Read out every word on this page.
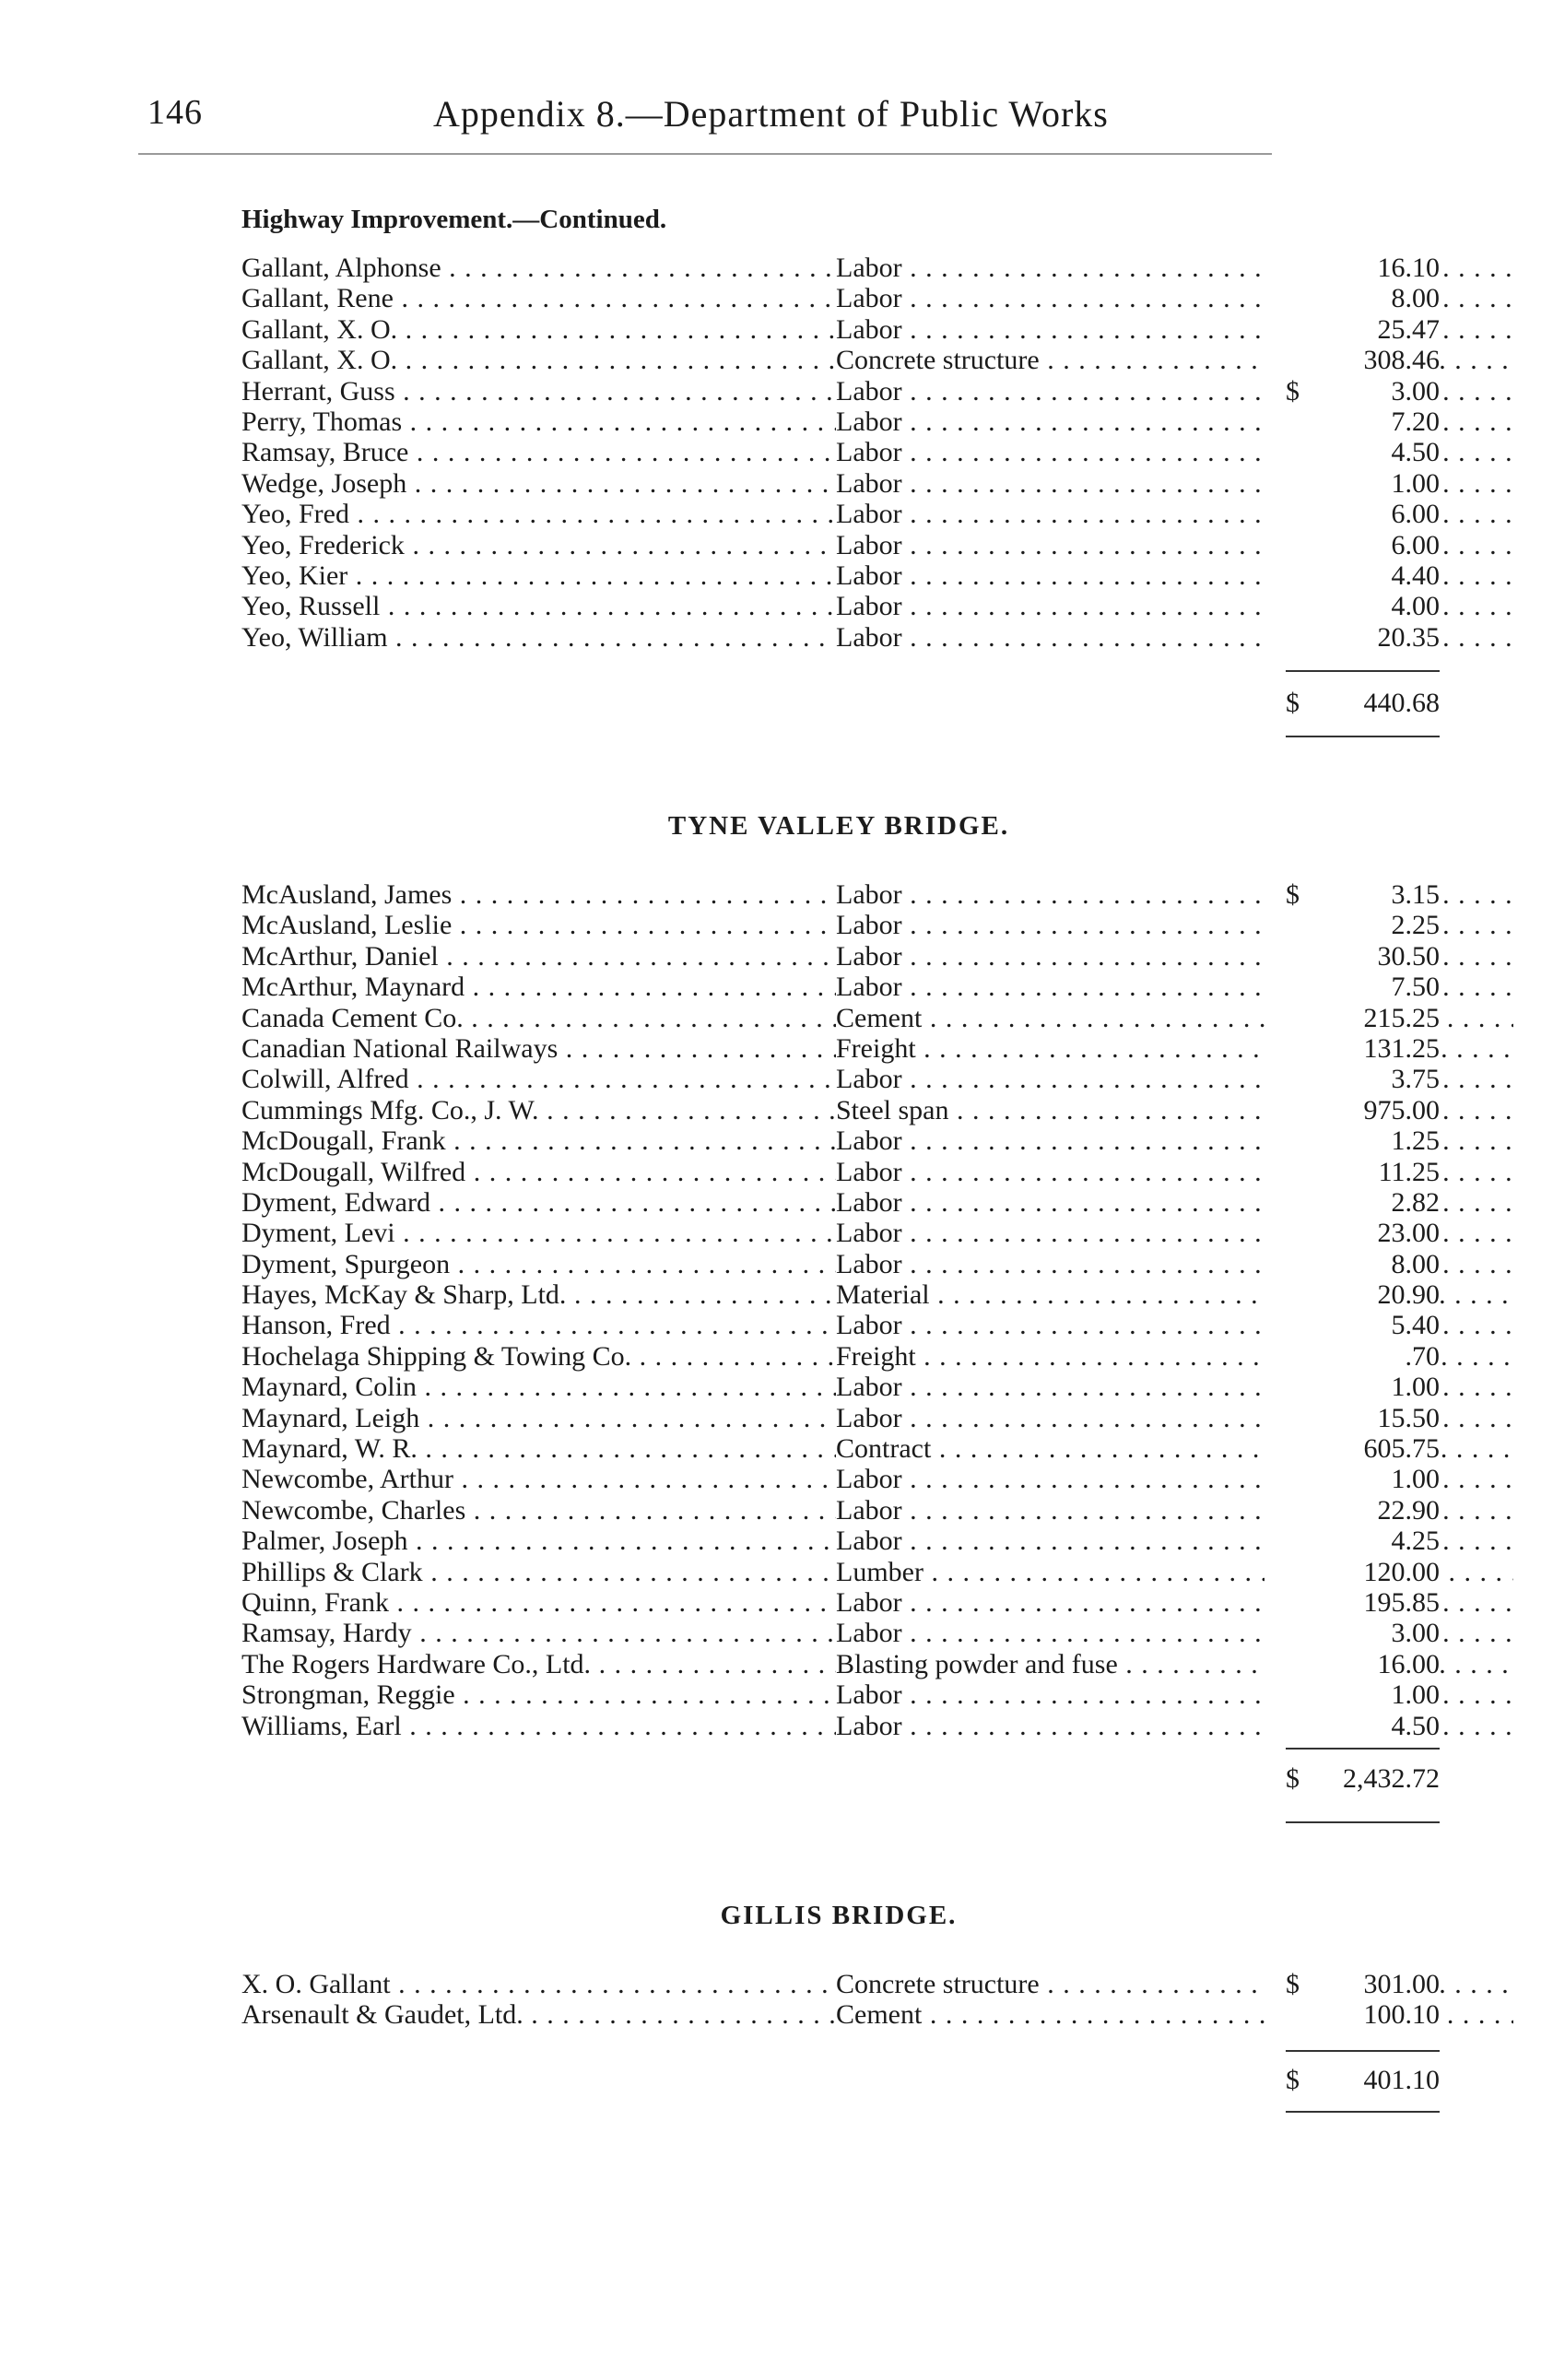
146	Appendix 8.—Department of Public Works
Highway Improvement.—Continued.
Gallant, Alphonse . . .	Labor . . .	16.10
Gallant, Rene . . .	Labor . . .	8.00
Gallant, X. O. . . .	Labor . . .	25.47
Gallant, X. O. . . .	Concrete structure . . .	308.46
Herrant, Guss . . .	Labor . . .	$	3.00
Perry, Thomas . . .	Labor . . .	7.20
Ramsay, Bruce . . .	Labor . . .	4.50
Wedge, Joseph . . .	Labor . . .	1.00
Yeo, Fred . . .	Labor . . .	6.00
Yeo, Frederick . . .	Labor . . .	6.00
Yeo, Kier . . .	Labor . . .	4.40
Yeo, Russell . . .	Labor . . .	4.00
Yeo, William . . .	Labor . . .	20.35
$	440.68
TYNE VALLEY BRIDGE.
McAusland, James . . .	Labor . . .	$	3.15
McAusland, Leslie . . .	Labor . . .	2.25
McArthur, Daniel . . .	Labor . . .	30.50
McArthur, Maynard . . .	Labor . . .	7.50
Canada Cement Co. . . .	Cement . . .	215.25
Canadian National Railways . . .	Freight . . .	131.25
Colwill, Alfred . . .	Labor . . .	3.75
Cummings Mfg. Co., J. W. . . .	Steel span . . .	975.00
McDougall, Frank . . .	Labor . . .	1.25
McDougall, Wilfred . . .	Labor . . .	11.25
Dyment, Edward . . .	Labor . . .	2.82
Dyment, Levi . . .	Labor . . .	23.00
Dyment, Spurgeon . . .	Labor . . .	8.00
Hayes, McKay & Sharp, Ltd. . . .	Material . . .	20.90
Hanson, Fred . . .	Labor . . .	5.40
Hochelaga Shipping & Towing Co. . . .	Freight . . .	.70
Maynard, Colin . . .	Labor . . .	1.00
Maynard, Leigh . . .	Labor . . .	15.50
Maynard, W. R. . . .	Contract . . .	605.75
Newcombe, Arthur . . .	Labor . . .	1.00
Newcombe, Charles . . .	Labor . . .	22.90
Palmer, Joseph . . .	Labor . . .	4.25
Phillips & Clark . . .	Lumber . . .	120.00
Quinn, Frank . . .	Labor . . .	195.85
Ramsay, Hardy . . .	Labor . . .	3.00
The Rogers Hardware Co., Ltd. . . .	Blasting powder and fuse . . .	16.00
Strongman, Reggie . . .	Labor . . .	1.00
Williams, Earl . . .	Labor . . .	4.50
$	2,432.72
GILLIS BRIDGE.
X. O. Gallant . . .	Concrete structure . . .	$	301.00
Arsenault & Gaudet, Ltd. . . .	Cement . . .	100.10
$	401.10
